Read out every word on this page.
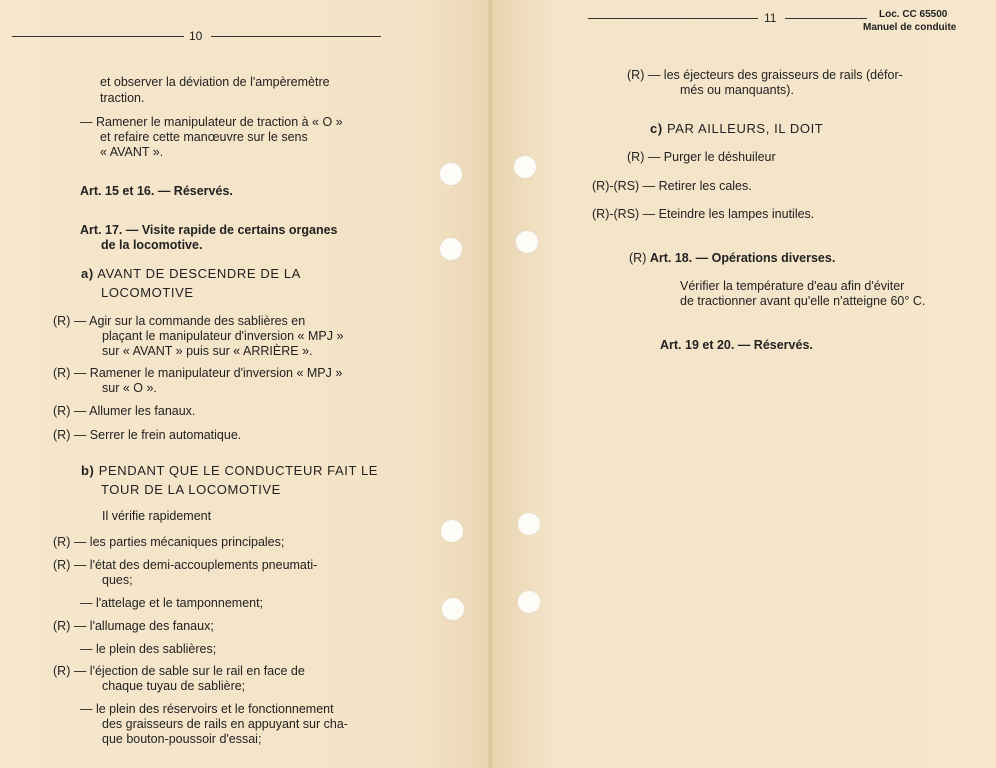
10
et observer la déviation de l'ampèremètre
traction.
— Ramener le manipulateur de traction à « O »
et refaire cette manœuvre sur le sens
« AVANT ».
Art. 15 et 16. — Réservés.
Art. 17. — Visite rapide de certains organes
de la locomotive.
a) AVANT DE DESCENDRE DE LA
LOCOMOTIVE
(R) — Agir sur la commande des sablières en
plaçant le manipulateur d'inversion « MPJ »
sur « AVANT » puis sur « ARRIÈRE ».
(R) — Ramener le manipulateur d'inversion « MPJ »
sur « O ».
(R) — Allumer les fanaux.
(R) — Serrer le frein automatique.
b) PENDANT QUE LE CONDUCTEUR FAIT LE
TOUR DE LA LOCOMOTIVE
Il vérifie rapidement
(R) — les parties mécaniques principales;
(R) — l'état des demi-accouplements pneumati-
ques;
— l'attelage et le tamponnement;
(R) — l'allumage des fanaux;
— le plein des sablières;
(R) — l'éjection de sable sur le rail en face de
chaque tuyau de sablière;
— le plein des réservoirs et le fonctionnement
des graisseurs de rails en appuyant sur cha-
que bouton-poussoir d'essai;
11	Loc. CC 65500
Manuel de conduite
(R) — les éjecteurs des graisseurs de rails (défor-
més ou manquants).
c) PAR AILLEURS, IL DOIT
(R) — Purger le déshuileur
(R)-(RS) — Retirer les cales.
(R)-(RS) — Eteindre les lampes inutiles.
(R) Art. 18. — Opérations diverses.
Vérifier la température d'eau afin d'éviter
de tractionner avant qu'elle n'atteigne 60° C.
Art. 19 et 20. — Réservés.
